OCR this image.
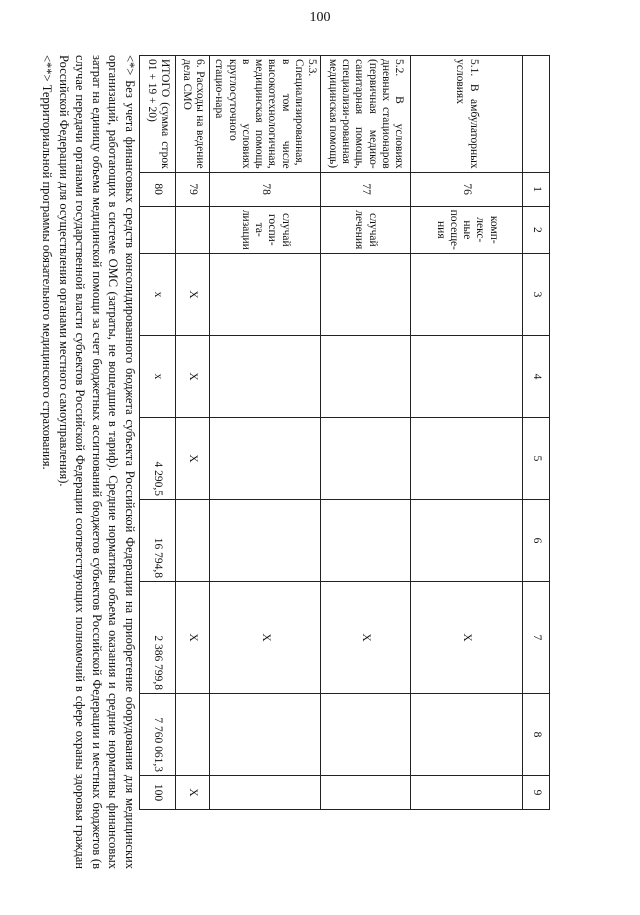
100
	1	2	3	4	5	6	7	8	9
5.1. В амбулаторных условиях	76	комп-лекс-ные посеще-ния					X		
5.2. В условиях дневных стационаров (первичная медико-санитарная помощь, специализи-рованная медицинская помощь)	77	случай лечения					X		
5.3. Специализированная, в том числе высокотехнологичная, медицинская помощь в условиях круглосуточного стацио-нара	78	случай госпи-та-лизации					X		
6. Расходы на ведение дела СМО	79		X	X	X		X		X
ИТОГО (сумма строк 01 + 19 + 20)	80		х	х	4 290,5	16 794,8	2 386 799,8	7 760 061,3	100

<*> Без учета финансовых средств консолидированного бюджета субъекта Российской Федерации на приобретение оборудования для медицинских организаций, работающих в системе ОМС (затраты, не вошедшие в тариф). Средние нормативы объема оказания и средние нормативы финансовых затрат на единицу объема медицинской помощи за счет бюджетных ассигнований бюджетов субъектов Российской Федерации и местных бюджетов (в случае передачи органами государственной власти субъектов Российской Федерации соответствующих полномочий в сфере охраны здоровья граждан Российской Федерации для осуществления органами местного самоуправления).

<**> Территориальной программы обязательного медицинского страхования.
